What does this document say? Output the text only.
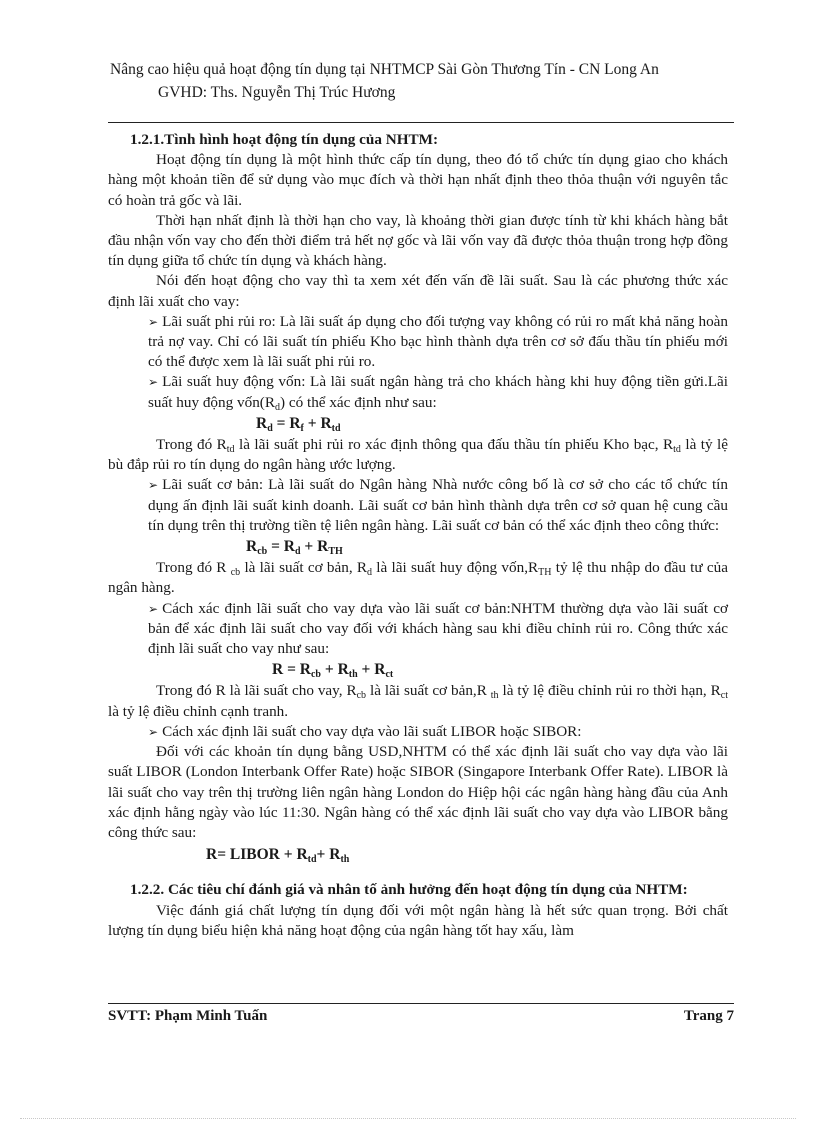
Nâng cao hiệu quả hoạt động tín dụng tại NHTMCP Sài Gòn Thương Tín - CN Long An
GVHD: Ths. Nguyễn Thị Trúc Hương

1.2.1.Tình hình hoạt động tín dụng của NHTM:

Hoạt động tín dụng là một hình thức cấp tín dụng, theo đó tổ chức tín dụng giao cho khách hàng một khoản tiền để sử dụng vào mục đích và thời hạn nhất định theo thỏa thuận với nguyên tắc có hoàn trả gốc và lãi.

Thời hạn nhất định là thời hạn cho vay, là khoảng thời gian được tính từ khi khách hàng bắt đầu nhận vốn vay cho đến thời điểm trả hết nợ gốc và lãi vốn vay đã được thỏa thuận trong hợp đồng tín dụng giữa tổ chức tín dụng và khách hàng.

Nói đến hoạt động cho vay thì ta xem xét đến vấn đề lãi suất. Sau là các phương thức xác định lãi xuất cho vay:

➢ Lãi suất phi rủi ro: Là lãi suất áp dụng cho đối tượng vay không có rủi ro mất khả năng hoàn trả nợ vay. Chỉ có lãi suất tín phiếu Kho bạc hình thành dựa trên cơ sở đấu thầu tín phiếu mới có thể được xem là lãi suất phi rủi ro.

➢ Lãi suất huy động vốn: Là lãi suất ngân hàng trả cho khách hàng khi huy động tiền gửi.Lãi suất huy động $vốn(R_d)$ có thể xác định như sau:

$R_d = R_f + R_{td}$

Trong đó $R_{td}$ là lãi suất phi rủi ro xác định thông qua đấu thầu tín phiếu Kho bạc, $R_{td}$ là tỷ lệ bù đắp rủi ro tín dụng do ngân hàng ước lượng.

➢ Lãi suất cơ bản: Là lãi suất do Ngân hàng Nhà nước công bố là cơ sở cho các tổ chức tín dụng ấn định lãi suất kinh doanh. Lãi suất cơ bản hình thành dựa trên cơ sở quan hệ cung cầu tín dụng trên thị trường tiền tệ liên ngân hàng. Lãi suất cơ bản có thể xác định theo công thức:

$R_{cb} = R_d + R_{TH}$

Trong đó R $_{cb}$ là lãi suất cơ bản, $R_d$ là lãi suất huy động $vốn,R_{TH}$ tỷ lệ thu nhập do đầu tư của ngân hàng.

➢ Cách xác định lãi suất cho vay dựa vào lãi suất cơ bản:NHTM thường dựa vào lãi suất cơ bản để xác định lãi suất cho vay đối với khách hàng sau khi điều chỉnh rủi ro. Công thức xác định lãi suất cho vay như sau:

$R = R_{cb} + R_{th} + R_{ct}$

Trong đó R là lãi suất cho vay, $R_{cb}$ là lãi suất cơ bản,R $_{th}$ là tỷ lệ điều chỉnh rủi ro thời hạn, $R_{ct}$ là tỷ lệ điều chỉnh cạnh tranh.

➢ Cách xác định lãi suất cho vay dựa vào lãi suất LIBOR hoặc SIBOR:

Đối với các khoản tín dụng bằng USD,NHTM có thể xác định lãi suất cho vay dựa vào lãi suất LIBOR (London Interbank Offer Rate) hoặc SIBOR (Singapore Interbank Offer Rate). LIBOR là lãi suất cho vay trên thị trường liên ngân hàng London do Hiệp hội các ngân hàng hàng đầu của Anh xác định hằng ngày vào lúc 11:30. Ngân hàng có thể xác định lãi suất cho vay dựa vào LIBOR bằng công thức sau:

R= LIBOR + $R_{td}+ R_{th}$

1.2.2. Các tiêu chí đánh giá và nhân tố ảnh hưởng đến hoạt động tín dụng của NHTM:

Việc đánh giá chất lượng tín dụng đối với một ngân hàng là hết sức quan trọng. Bởi chất lượng tín dụng biểu hiện khả năng hoạt động của ngân hàng tốt hay xấu, làm

SVTT: Phạm Minh Tuấn	Trang 7
